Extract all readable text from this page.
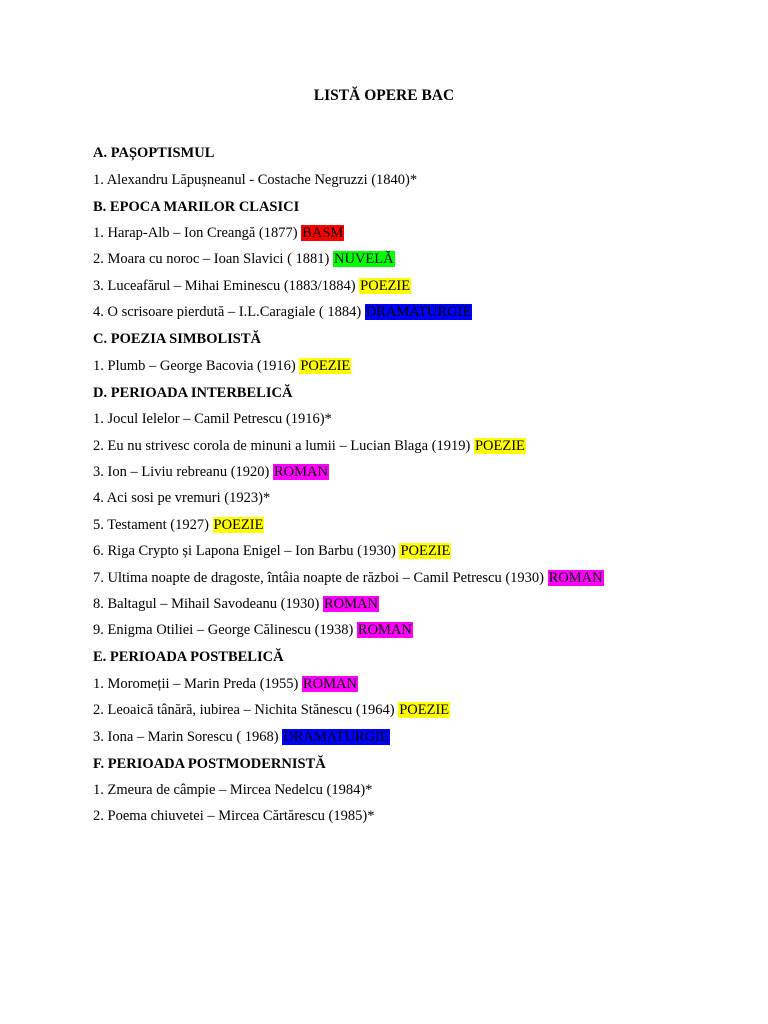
LISTĂ OPERE BAC
A. PAȘOPTISMUL
1. Alexandru Lăpușneanul - Costache Negruzzi (1840)*
B. EPOCA MARILOR CLASICI
1. Harap-Alb – Ion Creangă (1877) BASM
2. Moara cu noroc – Ioan Slavici ( 1881) NUVELĂ
3. Luceafărul – Mihai Eminescu (1883/1884) POEZIE
4. O scrisoare pierdută – I.L.Caragiale ( 1884) DRAMATURGIE
C. POEZIA SIMBOLISTĂ
1. Plumb – George Bacovia (1916) POEZIE
D. PERIOADA INTERBELICĂ
1. Jocul Ielelor – Camil Petrescu (1916)*
2. Eu nu strivesc corola de minuni a lumii – Lucian Blaga (1919) POEZIE
3. Ion – Liviu rebreanu (1920) ROMAN
4. Aci sosi pe vremuri (1923)*
5. Testament (1927) POEZIE
6. Riga Crypto și Lapona Enigel – Ion Barbu (1930) POEZIE
7. Ultima noapte de dragoste, întâia noapte de război – Camil Petrescu (1930) ROMAN
8. Baltagul – Mihail Savodeanu (1930) ROMAN
9. Enigma Otiliei – George Călinescu (1938) ROMAN
E. PERIOADA POSTBELICĂ
1. Moromeții – Marin Preda (1955) ROMAN
2. Leoaică tânără, iubirea – Nichita Stănescu (1964) POEZIE
3. Iona – Marin Sorescu ( 1968) DRAMATURGIE
F. PERIOADA POSTMODERNISTĂ
1. Zmeura de câmpie – Mircea Nedelcu (1984)*
2. Poema chiuvetei – Mircea Cărtărescu (1985)*
